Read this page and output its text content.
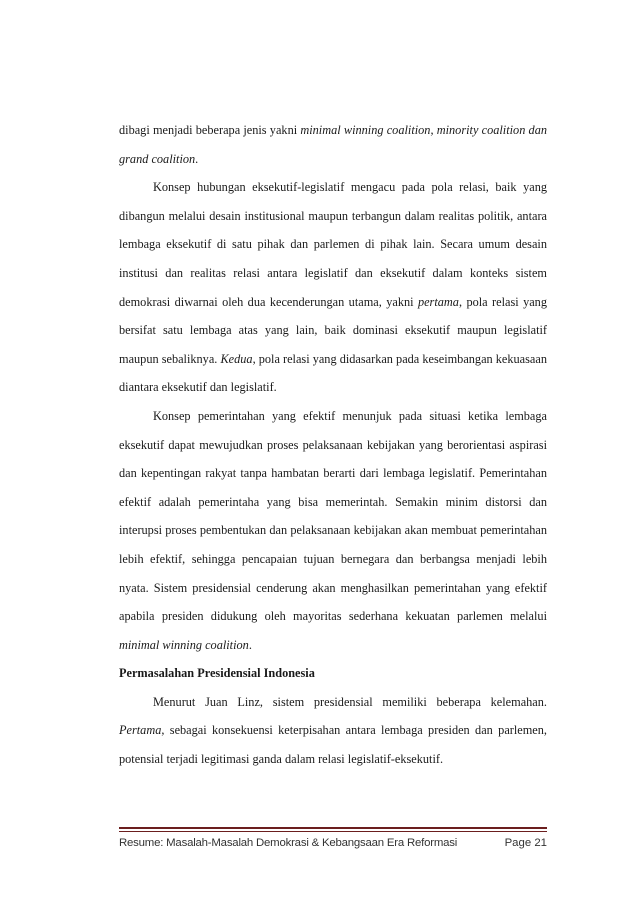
dibagi menjadi beberapa jenis yakni minimal winning coalition, minority coalition dan grand coalition.

Konsep hubungan eksekutif-legislatif mengacu pada pola relasi, baik yang dibangun melalui desain institusional maupun terbangun dalam realitas politik, antara lembaga eksekutif di satu pihak dan parlemen di pihak lain. Secara umum desain institusi dan realitas relasi antara legislatif dan eksekutif dalam konteks sistem demokrasi diwarnai oleh dua kecenderungan utama, yakni pertama, pola relasi yang bersifat satu lembaga atas yang lain, baik dominasi eksekutif maupun legislatif maupun sebaliknya. Kedua, pola relasi yang didasarkan pada keseimbangan kekuasaan diantara eksekutif dan legislatif.

Konsep pemerintahan yang efektif menunjuk pada situasi ketika lembaga eksekutif dapat mewujudkan proses pelaksanaan kebijakan yang berorientasi aspirasi dan kepentingan rakyat tanpa hambatan berarti dari lembaga legislatif. Pemerintahan efektif adalah pemerintaha yang bisa memerintah. Semakin minim distorsi dan interupsi proses pembentukan dan pelaksanaan kebijakan akan membuat pemerintahan lebih efektif, sehingga pencapaian tujuan bernegara dan berbangsa menjadi lebih nyata. Sistem presidensial cenderung akan menghasilkan pemerintahan yang efektif apabila presiden didukung oleh mayoritas sederhana kekuatan parlemen melalui minimal winning coalition.

Permasalahan Presidensial Indonesia

Menurut Juan Linz, sistem presidensial memiliki beberapa kelemahan. Pertama, sebagai konsekuensi keterpisahan antara lembaga presiden dan parlemen, potensial terjadi legitimasi ganda dalam relasi legislatif-eksekutif.

Resume: Masalah-Masalah Demokrasi & Kebangsaan Era Reformasi	Page 21
